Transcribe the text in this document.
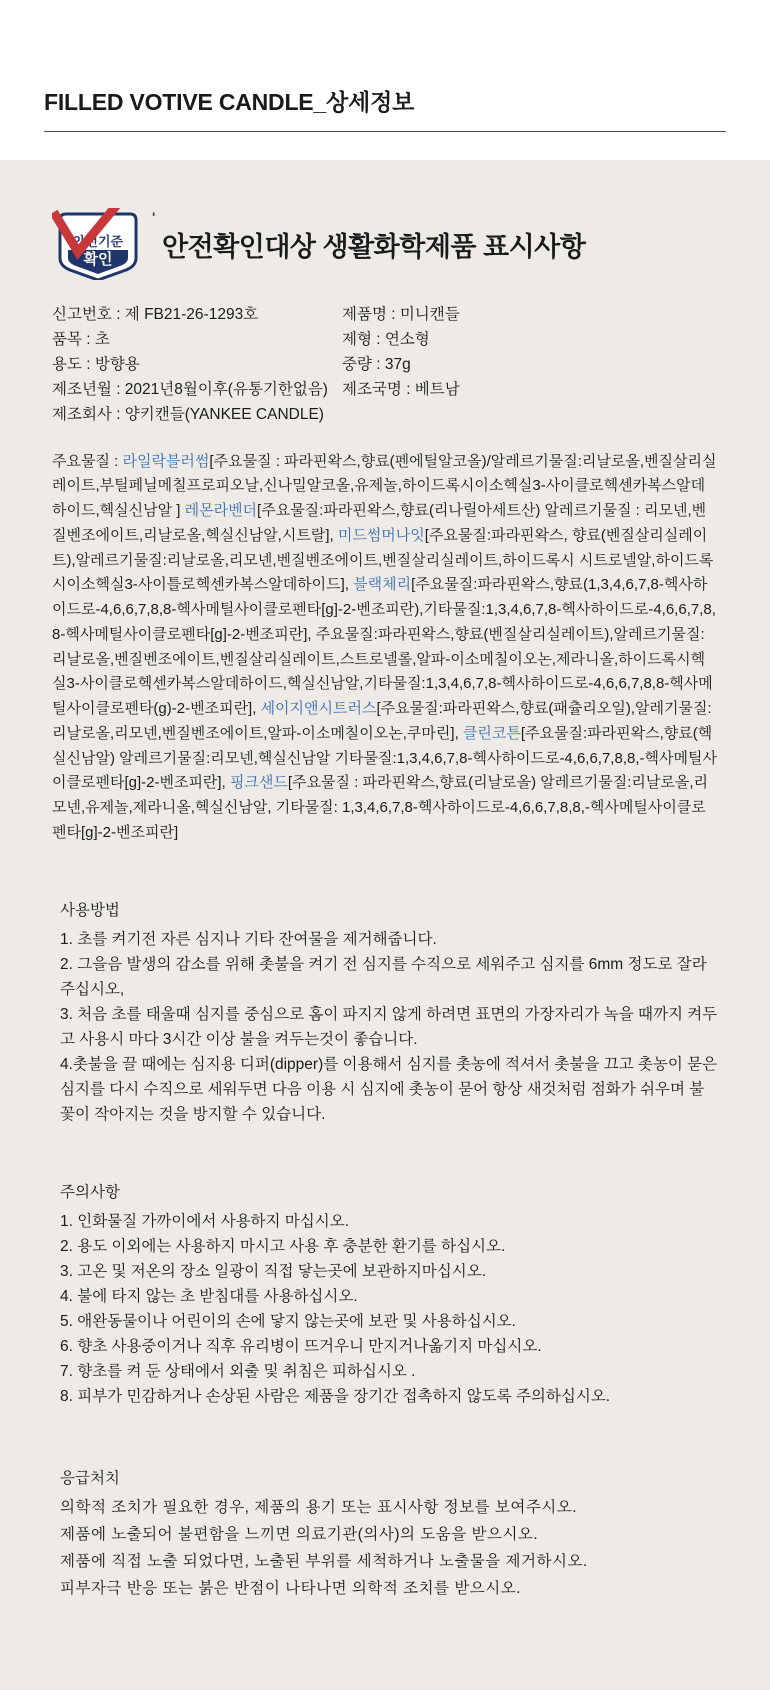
FILLED VOTIVE CANDLE_상세정보
안전기준
확인
'
안전확인대상 생활화학제품 표시사항
신고번호 : 제 FB21-26-1293호
품목 : 초
용도 : 방향용
제조년월 : 2021년8월이후(유통기한없음)
제조회사 : 양키캔들(YANKEE CANDLE)
제품명 : 미니캔들
제형 : 연소형
중량 : 37g
제조국명 : 베트남
주요물질 : 라일락블러썸[주요물질 : 파라핀왁스,향료(펜에틸알코올)/알레르기물질:리날로올,벤질살리실레이트,부틸페닐메칠프로피오날,신나밀알코올,유제놀,하이드록시이소헥실3-사이클로헥센카복스알데하이드,헥실신남알 ] 레몬라벤더[주요물질:파라핀왁스,향료(리나릴아세트산) 알레르기물질 : 리모넨,벤질벤조에이트,리날로올,헥실신남알,시트랄], 미드썸머나잇[주요물질:파라핀왁스, 향료(벤질살리실레이트),알레르기물질:리날로올,리모넨,벤질벤조에이트,벤질살리실레이트,하이드록시 시트로넬알,하이드록시이소헥실3-사이틀로헥센카복스알데하이드], 블랙체리[주요물질:파라핀왁스,향료(1,3,4,6,7,8-헥사하이드로-4,6,6,7,8,8-헥사메틸사이클로펜타[g]-2-벤조피란),기타물질:1,3,4,6,7,8-헥사하이드로-4,6,6,7,8,8-헥사메틸사이클로펜타[g]-2-벤조피란], 주요물질:파라핀왁스,향료(벤질살리실레이트),알레르기물질:리날로올,벤질벤조에이트,벤질살리실레이트,스트로넬롤,알파-이소메칠이오논,제라니올,하이드록시헥실3-사이클로헥센카복스알데하이드,헥실신남알,기타물질:1,3,4,6,7,8-헥사하이드로-4,6,6,7,8,8-헥사메틸사이클로펜타(g)-2-벤조피란], 세이지앤시트러스[주요물질:파라핀왁스,향료(패츌리오일),알레기물질:리날로올,리모넨,벤질벤조에이트,알파-이소메칠이오논,쿠마린], 클린코튼[주요물질:파라핀왁스,향료(헥실신남알) 알레르기물질:리모넨,헥실신남알 기타물질:1,3,4,6,7,8-헥사하이드로-4,6,6,7,8,8,-헥사메틸사이클로펜타[g]-2-벤조피란], 핑크샌드[주요물질 : 파라핀왁스,향료(리날로올) 알레르기물질:리날로올,리모넨,유제놀,제라니올,헥실신남알, 기타물질: 1,3,4,6,7,8-헥사하이드로-4,6,6,7,8,8,-헥사메틸사이클로펜타[g]-2-벤조피란]
사용방법

1. 초를 켜기전 자른 심지나 기타 잔여물을 제거해줍니다.

2. 그을음 발생의 감소를 위해 촛불을 켜기 전 심지를 수직으로 세워주고 심지를 6mm 정도로 잘라 주십시오,

3. 처음 초를 태울때 심지를 중심으로 홈이 파지지 않게 하려면 표면의 가장자리가 녹을 때까지 켜두고 사용시 마다 3시간 이상 불을 켜두는것이 좋습니다.

4.촛불을 끌 때에는 심지용 디퍼(dipper)를 이용해서 심지를 촛농에 적셔서 촛불을 끄고 촛농이 묻은 심지를 다시 수직으로 세워두면 다음 이용 시 심지에 촛농이 묻어 항상 새것처럼 점화가 쉬우며 불꽃이 작아지는 것을 방지할 수 있습니다.

주의사항

1. 인화물질 가까이에서 사용하지 마십시오.

2. 용도 이외에는 사용하지 마시고 사용 후 충분한 환기를 하십시오.

3. 고온 및 저온의 장소 일광이 직접 닿는곳에 보관하지마십시오.

4. 불에 타지 않는 초 받침대를 사용하십시오.

5. 애완동물이나 어린이의 손에 닿지 않는곳에 보관 및 사용하십시오.

6. 향초 사용중이거나 직후 유리병이 뜨거우니 만지거나옮기지 마십시오.

7. 향초를 켜 둔 상태에서 외출 및 취침은 피하십시오 .

8. 피부가 민감하거나 손상된 사람은 제품을 장기간 접촉하지 않도록 주의하십시오.

응급처치

의학적 조치가 필요한 경우, 제품의 용기 또는 표시사항 정보를 보여주시오.

제품에 노출되어 불편함을 느끼면 의료기관(의사)의 도움을 받으시오.

제품에 직접 노출 되었다면, 노출된 부위를 세척하거나 노출물을 제거하시오.

피부자극 반응 또는 붉은 반점이 나타나면 의학적 조치를 받으시오.
